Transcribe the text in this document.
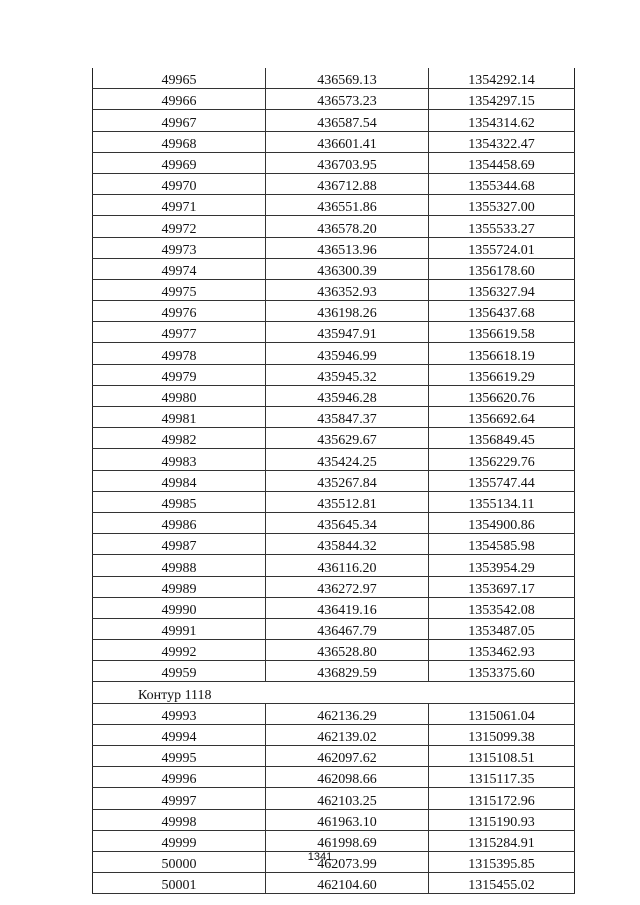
49965	436569.13	1354292.14
49966	436573.23	1354297.15
49967	436587.54	1354314.62
49968	436601.41	1354322.47
49969	436703.95	1354458.69
49970	436712.88	1355344.68
49971	436551.86	1355327.00
49972	436578.20	1355533.27
49973	436513.96	1355724.01
49974	436300.39	1356178.60
49975	436352.93	1356327.94
49976	436198.26	1356437.68
49977	435947.91	1356619.58
49978	435946.99	1356618.19
49979	435945.32	1356619.29
49980	435946.28	1356620.76
49981	435847.37	1356692.64
49982	435629.67	1356849.45
49983	435424.25	1356229.76
49984	435267.84	1355747.44
49985	435512.81	1355134.11
49986	435645.34	1354900.86
49987	435844.32	1354585.98
49988	436116.20	1353954.29
49989	436272.97	1353697.17
49990	436419.16	1353542.08
49991	436467.79	1353487.05
49992	436528.80	1353462.93
49959	436829.59	1353375.60
Контур 1118		
49993	462136.29	1315061.04
49994	462139.02	1315099.38
49995	462097.62	1315108.51
49996	462098.66	1315117.35
49997	462103.25	1315172.96
49998	461963.10	1315190.93
49999	461998.69	1315284.91
50000	462073.99	1315395.85
50001	462104.60	1315455.02
1341
